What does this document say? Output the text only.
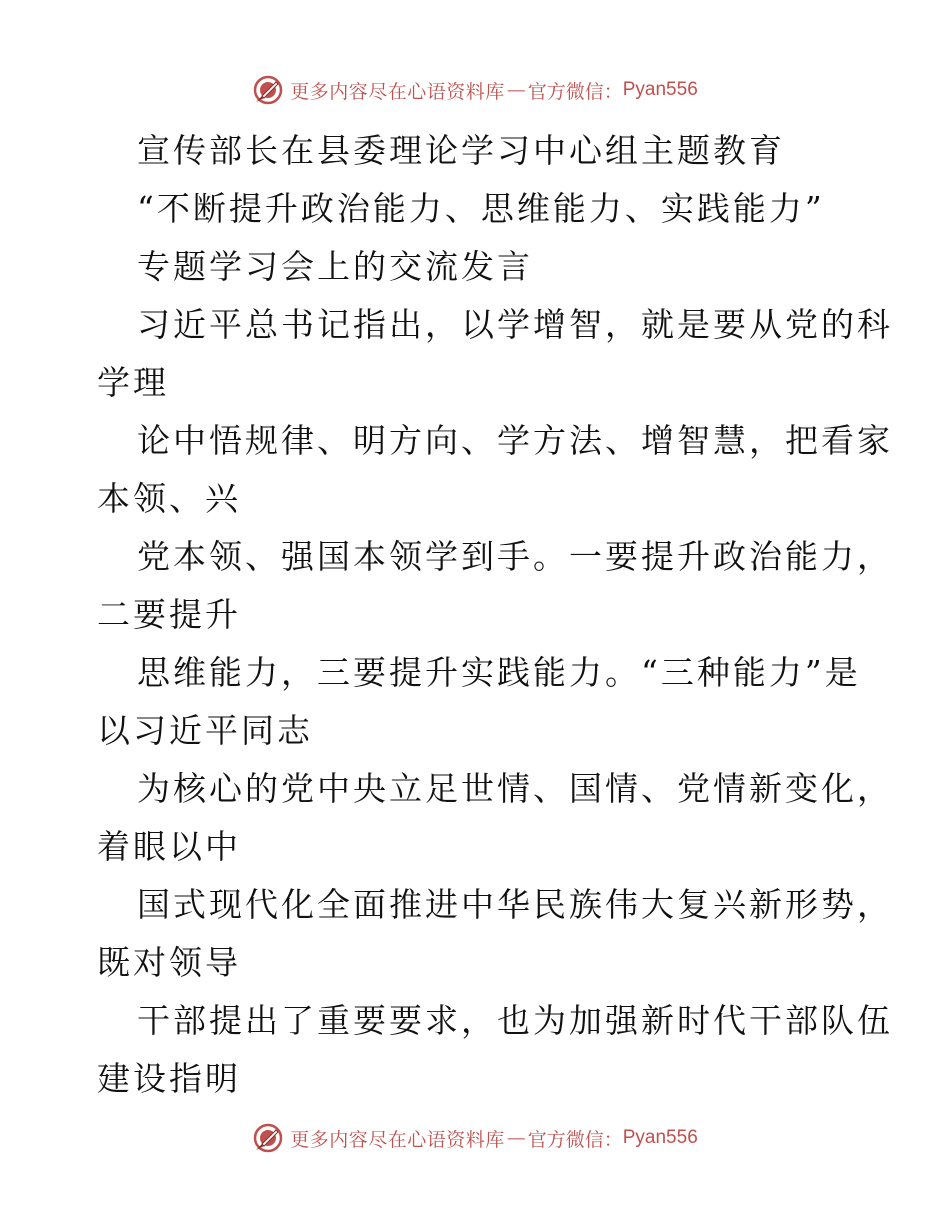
更多内容尽在心语资料库 — 官方微信： Pyan556
宣传部长在县委理论学习中心组主题教育
“不断提升政治能力、思维能力、实践能力”
专题学习会上的交流发言
习近平总书记指出，以学增智，就是要从党的科
学理
论中悟规律、明方向、学方法、增智慧，把看家
本领、兴
党本领、强国本领学到手。一要提升政治能力，
二要提升
思维能力，三要提升实践能力。“三种能力”是
以习近平同志
为核心的党中央立足世情、国情、党情新变化，
着眼以中
国式现代化全面推进中华民族伟大复兴新形势，
既对领导
干部提出了重要要求，也为加强新时代干部队伍
建设指明
更多内容尽在心语资料库 — 官方微信： Pyan556
